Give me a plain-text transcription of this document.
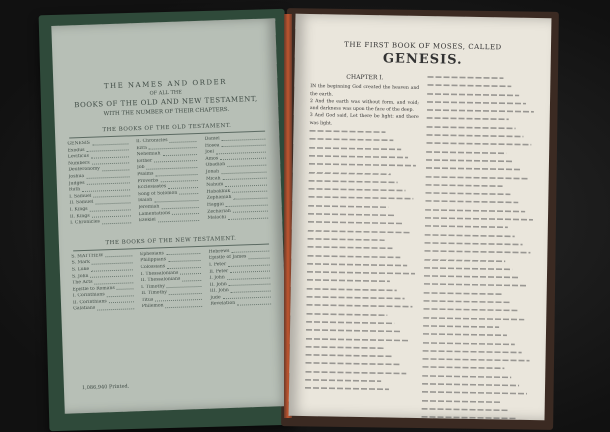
THE NAMES AND ORDER
OF ALL THE
BOOKS OF THE OLD AND NEW TESTAMENT,
WITH THE NUMBER OF THEIR CHAPTERS.
THE BOOKS OF THE OLD TESTAMENT.
GENESIS
Exodus
Leviticus
Numbers
Deuteronomy
Joshua
Judges
Ruth
I. Samuel
II. Samuel
I. Kings
II. Kings
I. Chronicles
II. Chronicles
Ezra
Nehemiah
Esther
Job
Psalms
Proverbs
Ecclesiastes
Song of Solomon
Isaiah
Jeremiah
Lamentations
Ezekiel
Daniel
Hosea
Joel
Amos
Obadiah
Jonah
Micah
Nahum
Habakkuk
Zephaniah
Haggai
Zechariah
Malachi
THE BOOKS OF THE NEW TESTAMENT.
S. MATTHEW
S. Mark
S. Luke
S. John
The Acts
Epistle to Romans
I. Corinthians
II. Corinthians
Galatians
Ephesians
Philippians
Colossians
I. Thessalonians
II. Thessalonians
I. Timothy
II. Timothy
Titus
Philemon
Hebrews
Epistle of James
I. Peter
II. Peter
I. John
II. John
III. John
Jude
Revelation
1,086,940 Printed.
THE FIRST BOOK OF MOSES, CALLED
GENESIS.
CHAPTER I.
IN the beginning God created the heaven and the earth.
2 And the earth was without form, and void; and darkness was upon the face of the deep.
3 And God said, Let there be light: and there was light.
